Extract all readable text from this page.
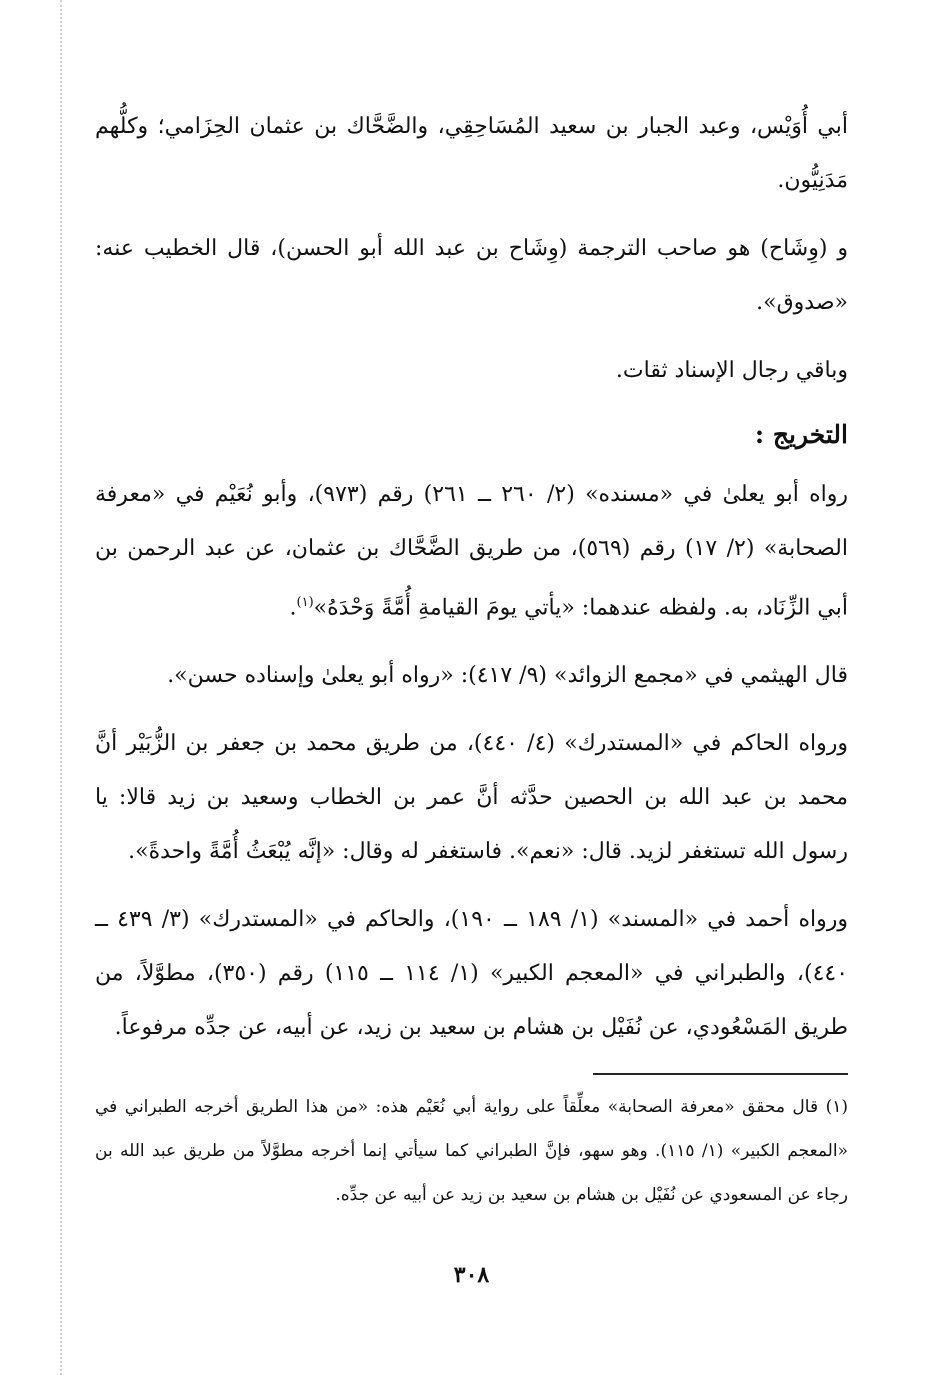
أبي أُوَيْس، وعبد الجبار بن سعيد المُسَاحِقِي، والضَّحَّاك بن عثمان الحِزَامي؛ وكلُّهم مَدَنِيُّون.

و (وِشَاح) هو صاحب الترجمة (وِشَاح بن عبد الله أبو الحسن)، قال الخطيب عنه: «صدوق».

وباقي رجال الإسناد ثقات.

التخريج :

رواه أبو يعلىٰ في «مسنده» (٢/ ٢٦٠ ــ ٢٦١) رقم (٩٧٣)، وأبو نُعَيْم في «معرفة الصحابة» (٢/ ١٧) رقم (٥٦٩)، من طريق الضَّحَّاك بن عثمان، عن عبد الرحمن بن أبي الزِّنَاد، به. ولفظه عندهما: «يأتي يومَ القيامةِ أُمَّةً وَحْدَهُ»$^{(١)}$.

قال الهيثمي في «مجمع الزوائد» (٩/ ٤١٧): «رواه أبو يعلىٰ وإسناده حسن».

ورواه الحاكم في «المستدرك» (٤/ ٤٤٠)، من طريق محمد بن جعفر بن الزُّبَيْر أنَّ محمد بن عبد الله بن الحصين حدَّثه أنَّ عمر بن الخطاب وسعيد بن زيد قالا: يا رسول الله تستغفر لزيد. قال: «نعم». فاستغفر له وقال: «إنَّه يُبْعَثُ أُمَّةً واحدةً».

ورواه أحمد في «المسند» (١/ ١٨٩ ــ ١٩٠)، والحاكم في «المستدرك» (٣/ ٤٣٩ ــ ٤٤٠)، والطبراني في «المعجم الكبير» (١/ ١١٤ ــ ١١٥) رقم (٣٥٠)، مطوَّلاً، من طريق المَسْعُودي، عن نُفَيْل بن هشام بن سعيد بن زيد، عن أبيه، عن جدِّه مرفوعاً.

(١) قال محقق «معرفة الصحابة» معلِّقاً على رواية أبي نُعَيْم هذه: «من هذا الطريق أخرجه الطبراني في «المعجم الكبير» (١/ ١١٥). وهو سهو، فإنَّ الطبراني كما سيأتي إنما أخرجه مطوَّلاً من طريق عبد الله بن رجاء عن المسعودي عن نُفَيْل بن هشام بن سعيد بن زيد عن أبيه عن جدِّه.

٣٠٨
